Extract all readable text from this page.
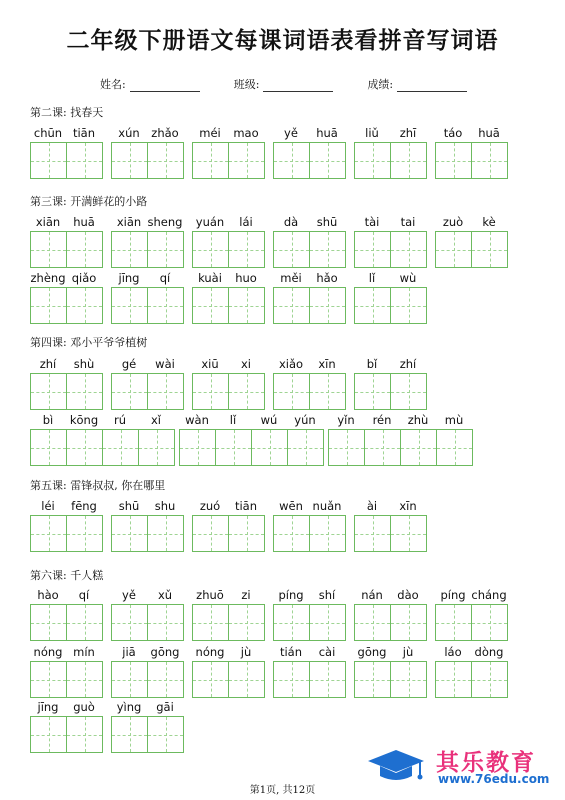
二年级下册语文每课词语表看拼音写词语
姓名:	班级:	成绩:
第二课: 找春天
chūn tiān	xún	zhǎo	méi	mao	yě	huā	liǔ	zhī	táo	huā
第三课: 开满鲜花的小路
xiān	huā	xiān sheng	yuán	lái	dà	shū	tài	tai	zuò	kè
zhèng qiǎo	jīng	qí	kuài	huo	měi	hǎo	lǐ	wù
第四课: 邓小平爷爷植树
zhí	shù	gé	wài	xiū	xi	xiǎo	xīn	bǐ	zhí
bì	kōng	rú	xǐ	wàn	lǐ	wú	yún	yǐn	rén	zhù	mù
第五课: 雷锋叔叔, 你在哪里
léi	fēng	shū	shu	zuó	tiān	wēn nuǎn	ài	xīn
第六课: 千人糕
hào	qí	yě	xǔ	zhuō	zi	píng	shí	nán	dào	píng cháng
nóng mín	jiā	gōng	nóng	jù	tián	cài	gōng	jù	láo	dòng
jīng	guò	yìng	gāi
第1页, 共12页
其乐教育
www.76edu.com
